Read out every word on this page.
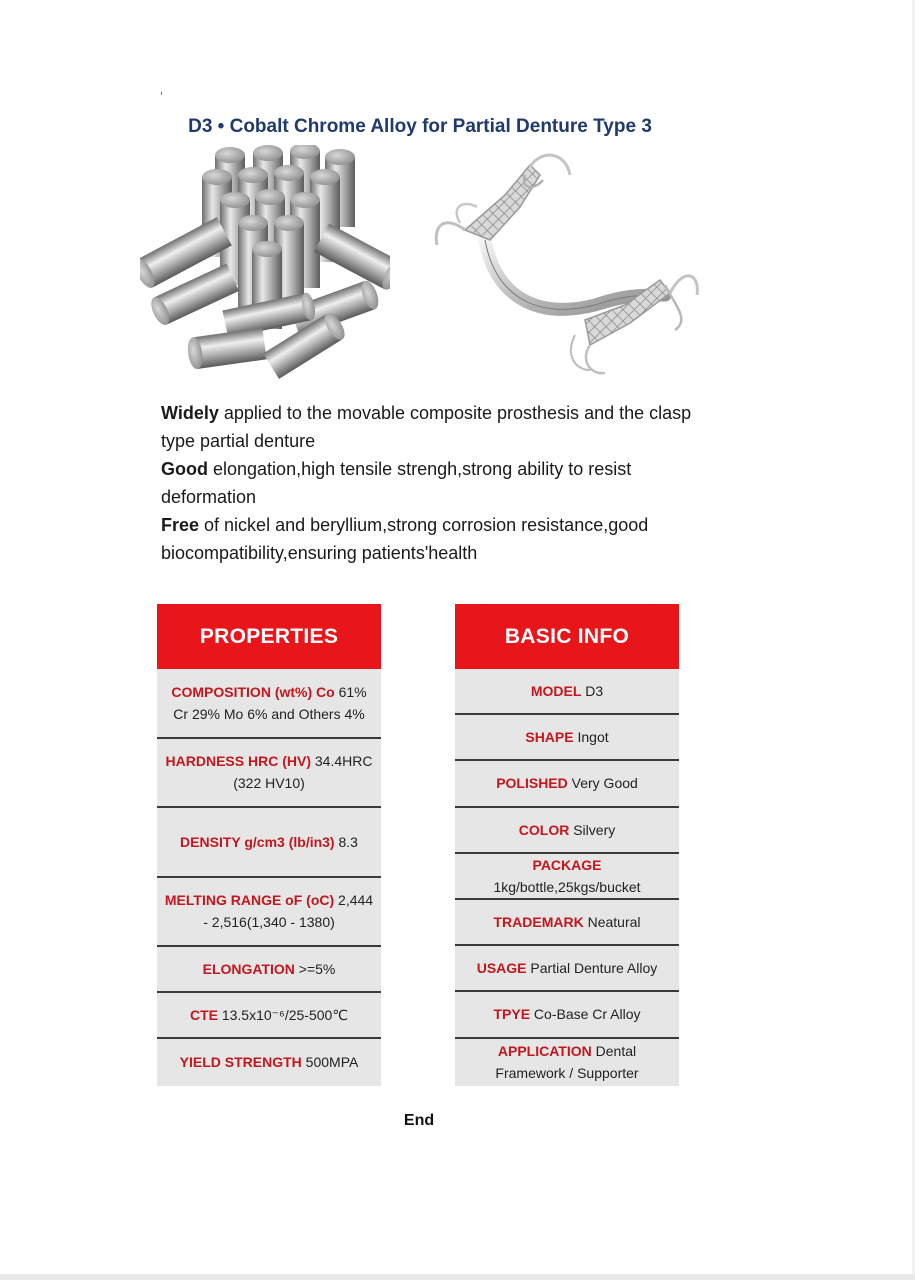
D3 • Cobalt Chrome Alloy for Partial Denture Type 3

Widely applied to the movable composite prosthesis and the clasp type partial denture

Good elongation,high tensile strengh,strong ability to resist deformation

Free of nickel and beryllium,strong corrosion resistance,good biocompatibility,ensuring patients'health

PROPERTIES
COMPOSITION (wt%) Co 61% Cr 29% Mo 6% and Others 4%
HARDNESS HRC (HV) 34.4HRC (322 HV10)
DENSITY g/cm3 (lb/in3) 8.3
MELTING RANGE oF (oC) 2,444 - 2,516(1,340 - 1380)
ELONGATION >=5%
CTE 13.5x10⁻⁶/25-500℃
YIELD STRENGTH 500MPA
BASIC INFO
MODEL D3
SHAPE Ingot
POLISHED Very Good
COLOR Silvery
PACKAGE
1kg/bottle,25kgs/bucket
TRADEMARK Neatural
USAGE Partial Denture Alloy
TPYE Co-Base Cr Alloy
APPLICATION Dental Framework / Supporter
End
